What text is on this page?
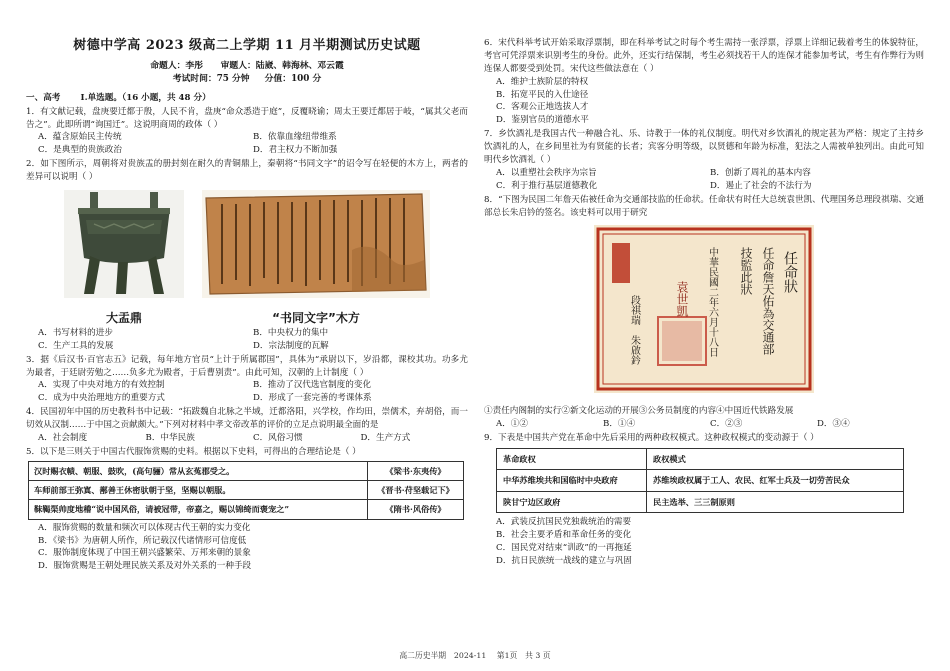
树德中学高 2023 级高二上学期 11 月半期测试历史试题
命题人：李彤　　审题人：陆崴、韩海林、邓云霞
考试时间：75 分钟 分值：100 分
一、高考　　 I.单选题。（16 小题，共 48 分）

1．有文献记载，盘庚要迁都于殷，人民不肯，盘庚“命众悉造于庭”，反覆晓谕；周太王要迁都居于岐，“属其父老而告之”。此即所谓“询国迁”。这说明商周的政体（ ）

A．蕴含原始民主传统	B．依靠血缘纽带维系
C．是典型的贵族政治	D．君主权力不断加强

2．如下图所示，周朝将对贵族盂的册封刻在耐久的青铜鼎上，秦朝将“书同文字”的诏令写在轻便的木方上，两者的差异可以说明（ ）

大盂鼎	“书同文字”木方
A．书写材料的进步	B．中央权力的集中
C．生产工具的发展	D．宗法制度的瓦解

3．据《后汉书·百官志五》记载，每年地方官员“上计于所属郡国”，具体为“承尉以下，岁沿都，课校其功。功多尤为最者，于廷尉劳勉之……负多尤为殿者，于后曹别责”。由此可知，汉朝的上计制度（ ）

A．实现了中央对地方的有效控制	B．推动了汉代选官制度的变化
C．成为中央治理地方的重要方式	D．形成了一套完善的考课体系

4．民国初年中国的历史教科书中记载：“拓跋魏自北脉之半域，迁都洛阳，兴学校，作均田，崇儒术，弃胡俗，而一切效从汉制……于中国之贡献颇大。”下列对材料中孝文帝改革的评价的立足点说明最全面的是

A．社会制度	B．中华民族	C．风俗习惯	D．生产方式

5．以下是三则关于中国古代服饰赏赐的史料。根据以下史料，可得出的合理结论是（ ）

汉时赐衣帻、朝服、鼓吹，(高句骊）常从玄菟郡受之。	《梁书·东夷传》
车师前部王弥寘、鄯善王休密驮朝于坚，坚赐以朝服。	《晋书·苻坚载记下》
靺鞨渠帅度地稽“说中国风俗，请被冠带，帝嘉之，赐以锦绮而褒宠之”	《隋书·风俗传》
A．服饰赏赐的数量和频次可以体现古代王朝的实力变化
B．《梁书》为唐朝人所作，所记载汉代诸情形可信度低
C．服饰制度体现了中国王朝兴盛繁荣、万邦来朝的景象
D．服饰赏赐是王朝处理民族关系及对外关系的一种手段

6．宋代科举考试开始采取浮票制，即在科举考试之时每个考生需持一张浮票，浮票上详细记载着考生的体貌特征，考官可凭浮票来识别考生的身份。此外，还实行结保制，考生必须找若干人的连保才能参加考试，考生有作弊行为则连保人都要受到处罚。宋代这些做法意在（ ）

A．维护士族阶层的特权
B．拓宽平民的入仕途径
C．客观公正地选拔人才
D．鉴别官员的道德水平

7．乡饮酒礼是我国古代一种融合礼、乐、诗教于一体的礼仪制度。明代对乡饮酒礼的规定甚为严格：规定了主持乡饮酒礼的人，在乡间里社为有贤能的长者；宾客分明等级，以贤德和年龄为标准，犯法之人需被单独列出。由此可知明代乡饮酒礼（ ）

A．以重塑社会秩序为宗旨	B．创新了周礼的基本内容
C．利于推行基层道德教化	D．遏止了社会的不法行为

8．“下图为民国二年詹天佑被任命为交通部技监的任命状。任命状有时任大总统袁世凯、代理国务总理段祺瑞、交通部总长朱启钤的签名。该史料可以用于研究

任命狀
任命詹天佑為交通部
技監此狀
袁世凱 中華民國二年六月十八日
段祺瑞　朱啟鈐

①责任内阁制的实行②新文化运动的开展③公务员制度的内容④中国近代铁路发展

A．①②	B．①④	C．②③	D．③④

9．下表是中国共产党在革命中先后采用的两种政权模式。这种政权模式的变动源于（ ）

革命政权	政权模式
中华苏维埃共和国临时中央政府	苏维埃政权属于工人、农民、红军士兵及一切劳苦民众
陕甘宁边区政府	民主选举、三三制原则
A．武装反抗国民党独裁统治的需要
B．社会主要矛盾和革命任务的变化
C．国民党对结束“训政”的一再拖延
D．抗日民族统一战线的建立与巩固
高二历史半期　2024-11 第1页　共 3 页
